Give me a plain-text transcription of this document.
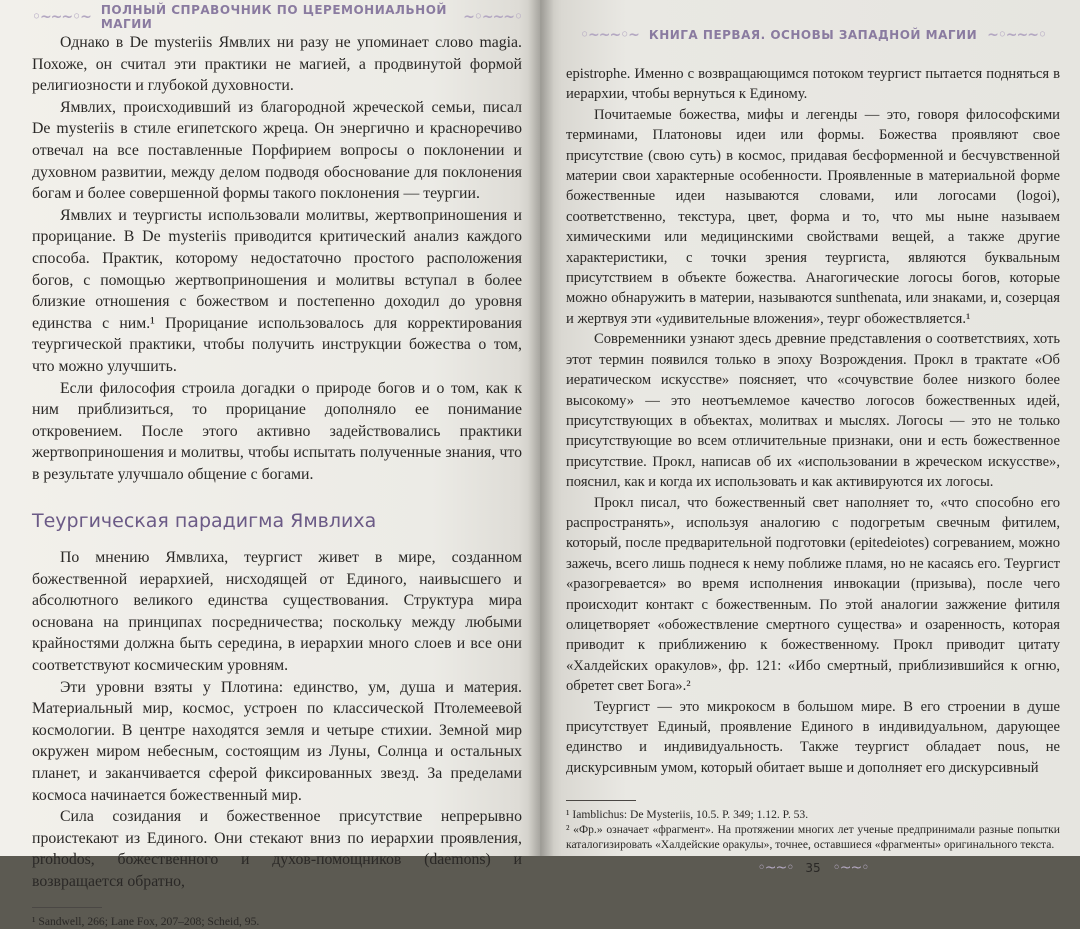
◦~~~◦~ ПОЛНЫЙ СПРАВОЧНИК ПО ЦЕРЕМОНИАЛЬНОЙ МАГИИ	~◦~~~◦

Однако в De mysteriis Ямвлих ни разу не упоминает слово magia. Похоже, он считал эти практики не магией, а продвинутой формой религиозности и глубокой духовности.

Ямвлих, происходивший из благородной жреческой семьи, писал De mysteriis в стиле египетского жреца. Он энергично и красноречиво отвечал на все поставленные Порфирием вопросы о поклонении и духовном развитии, между делом подводя обоснование для поклонения богам и более совершенной формы такого поклонения — теургии.

Ямвлих и теургисты использовали молитвы, жертвоприношения и прорицание. В De mysteriis приводится критический анализ каждого способа. Практик, которому недостаточно простого расположения богов, с помощью жертвоприношения и молитвы вступал в более близкие отношения с божеством и постепенно доходил до уровня единства с ним.¹ Прорицание использовалось для корректирования теургической практики, чтобы получить инструкции божества о том, что можно улучшить.

Если философия строила догадки о природе богов и о том, как к ним приблизиться, то прорицание дополняло ее понимание откровением. После этого активно задействовались практики жертвоприношения и молитвы, чтобы испытать полученные знания, что в результате улучшало общение с богами.

Теургическая парадигма Ямвлиха

По мнению Ямвлиха, теургист живет в мире, созданном божественной иерархией, нисходящей от Единого, наивысшего и абсолютного великого единства существования. Структура мира основана на принципах посредничества; поскольку между любыми крайностями должна быть середина, в иерархии много слоев и все они соответствуют космическим уровням.

Эти уровни взяты у Плотина: единство, ум, душа и материя. Материальный мир, космос, устроен по классической Птолемеевой космологии. В центре находятся земля и четыре стихии. Земной мир окружен миром небесным, состоящим из Луны, Солнца и остальных планет, и заканчивается сферой фиксированных звезд. За пределами космоса начинается божественный мир.

Сила созидания и божественное присутствие непрерывно проистекают из Единого. Они стекают вниз по иерархии проявления, prohodos, божественного и духов-помощников (daemons) и возвращается обратно,

¹ Sandwell, 266; Lane Fox, 207–208; Scheid, 95.

◦~~~◦~ КНИГА ПЕРВАЯ. ОСНОВЫ ЗАПАДНОЙ МАГИИ ~◦~~~◦

epistrophe. Именно с возвращающимся потоком теургист пытается подняться в иерархии, чтобы вернуться к Единому.

Почитаемые божества, мифы и легенды — это, говоря философскими терминами, Платоновы идеи или формы. Божества проявляют свое присутствие (свою суть) в космос, придавая бесформенной и бесчувственной материи свои характерные особенности. Проявленные в материальной форме божественные идеи называются словами, или логосами (logoi), соответственно, текстура, цвет, форма и то, что мы ныне называем химическими или медицинскими свойствами вещей, а также другие характеристики, с точки зрения теургиста, являются буквальным присутствием в объекте божества. Анагогические логосы богов, которые можно обнаружить в материи, называются sunthenata, или знаками, и, созерцая и жертвуя эти «удивительные вложения», теург обожествляется.¹

Современники узнают здесь древние представления о соответствиях, хоть этот термин появился только в эпоху Возрождения. Прокл в трактате «Об иератическом искусстве» поясняет, что «сочувствие более низкого более высокому» — это неотъемлемое качество логосов божественных идей, присутствующих в объектах, молитвах и мыслях. Логосы — это не только присутствующие во всем отличительные признаки, они и есть божественное присутствие. Прокл, написав об их «использовании в жреческом искусстве», пояснил, как и когда их использовать и как активируются их логосы.

Прокл писал, что божественный свет наполняет то, «что способно его распространять», используя аналогию с подогретым свечным фитилем, который, после предварительной подготовки (epitedeiotes) согреванием, можно зажечь, всего лишь поднеся к нему поближе пламя, но не касаясь его. Теургист «разогревается» во время исполнения инвокации (призыва), после чего происходит контакт с божественным. По этой аналогии зажжение фитиля олицетворяет «обожествление смертного существа» и озаренность, которая приводит к приближению к божественному. Прокл приводит цитату «Халдейских оракулов», фр. 121: «Ибо смертный, приблизившийся к огню, обретет свет Бога».²

Теургист — это микрокосм в большом мире. В его строении в душе присутствует Единый, проявление Единого в индивидуальном, дарующее единство и индивидуальность. Также теургист обладает nous, не дискурсивным умом, который обитает выше и дополняет его дискурсивный

¹ Iamblichus: De Mysteriis, 10.5. P. 349; 1.12. P. 53.

² «Фр.» означает «фрагмент». На протяжении многих лет ученые предпринимали разные попытки каталогизировать «Халдейские оракулы», точнее, оставшиеся «фрагменты» оригинального текста.

◦~~◦ 35 ◦~~◦
